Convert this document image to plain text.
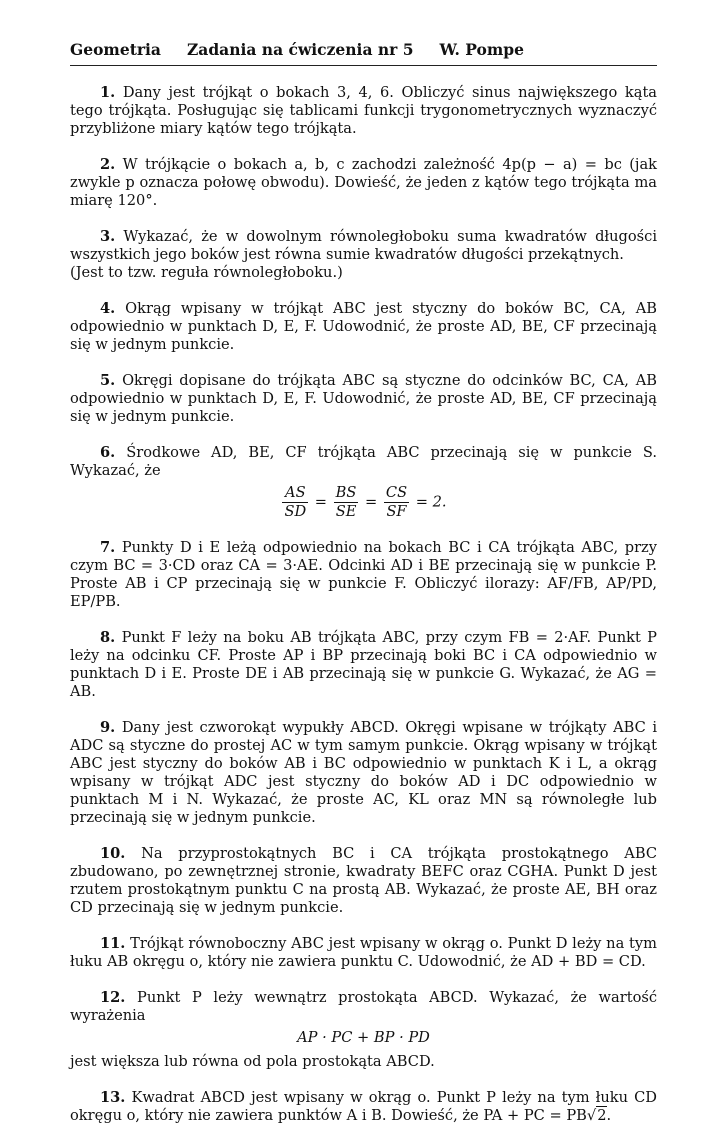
Geometria Zadania na ćwiczenia nr 5 W. Pompe
1. Dany jest trójkąt o bokach 3, 4, 6. Obliczyć sinus największego kąta tego trójkąta. Posługując się tablicami funkcji trygonometrycznych wyznaczyć przybliżone miary kątów tego trójkąta.
2. W trójkącie o bokach a, b, c zachodzi zależność 4p(p − a) = bc (jak zwykle p oznacza połowę obwodu). Dowieść, że jeden z kątów tego trójkąta ma miarę 120°.
3. Wykazać, że w dowolnym równoległoboku suma kwadratów długości wszystkich jego boków jest równa sumie kwadratów długości przekątnych.
(Jest to tzw. reguła równoległoboku.)
4. Okrąg wpisany w trójkąt ABC jest styczny do boków BC, CA, AB odpowiednio w punktach D, E, F. Udowodnić, że proste AD, BE, CF przecinają się w jednym punkcie.
5. Okręgi dopisane do trójkąta ABC są styczne do odcinków BC, CA, AB odpowiednio w punktach D, E, F. Udowodnić, że proste AD, BE, CF przecinają się w jednym punkcie.
6. Środkowe AD, BE, CF trójkąta ABC przecinają się w punkcie S. Wykazać, że
$\frac{AS}{SD} = \frac{BS}{SE} = \frac{CS}{SF} = 2$.
7. Punkty D i E leżą odpowiednio na bokach BC i CA trójkąta ABC, przy czym BC = 3·CD oraz CA = 3·AE. Odcinki AD i BE przecinają się w punkcie P. Proste AB i CP przecinają się w punkcie F. Obliczyć ilorazy: AF/FB, AP/PD, EP/PB.
8. Punkt F leży na boku AB trójkąta ABC, przy czym FB = 2·AF. Punkt P leży na odcinku CF. Proste AP i BP przecinają boki BC i CA odpowiednio w punktach D i E. Proste DE i AB przecinają się w punkcie G. Wykazać, że AG = AB.
9. Dany jest czworokąt wypukły ABCD. Okręgi wpisane w trójkąty ABC i ADC są styczne do prostej AC w tym samym punkcie. Okrąg wpisany w trójkąt ABC jest styczny do boków AB i BC odpowiednio w punktach K i L, a okrąg wpisany w trójkąt ADC jest styczny do boków AD i DC odpowiednio w punktach M i N. Wykazać, że proste AC, KL oraz MN są równoległe lub przecinają się w jednym punkcie.
10. Na przyprostokątnych BC i CA trójkąta prostokątnego ABC zbudowano, po zewnętrznej stronie, kwadraty BEFC oraz CGHA. Punkt D jest rzutem prostokątnym punktu C na prostą AB. Wykazać, że proste AE, BH oraz CD przecinają się w jednym punkcie.
11. Trójkąt równoboczny ABC jest wpisany w okrąg o. Punkt D leży na tym łuku AB okręgu o, który nie zawiera punktu C. Udowodnić, że AD + BD = CD.
12. Punkt P leży wewnątrz prostokąta ABCD. Wykazać, że wartość wyrażenia
AP · PC + BP · PD
jest większa lub równa od pola prostokąta ABCD.
13. Kwadrat ABCD jest wpisany w okrąg o. Punkt P leży na tym łuku CD okręgu o, który nie zawiera punktów A i B. Dowieść, że PA + PC = PB√2.
